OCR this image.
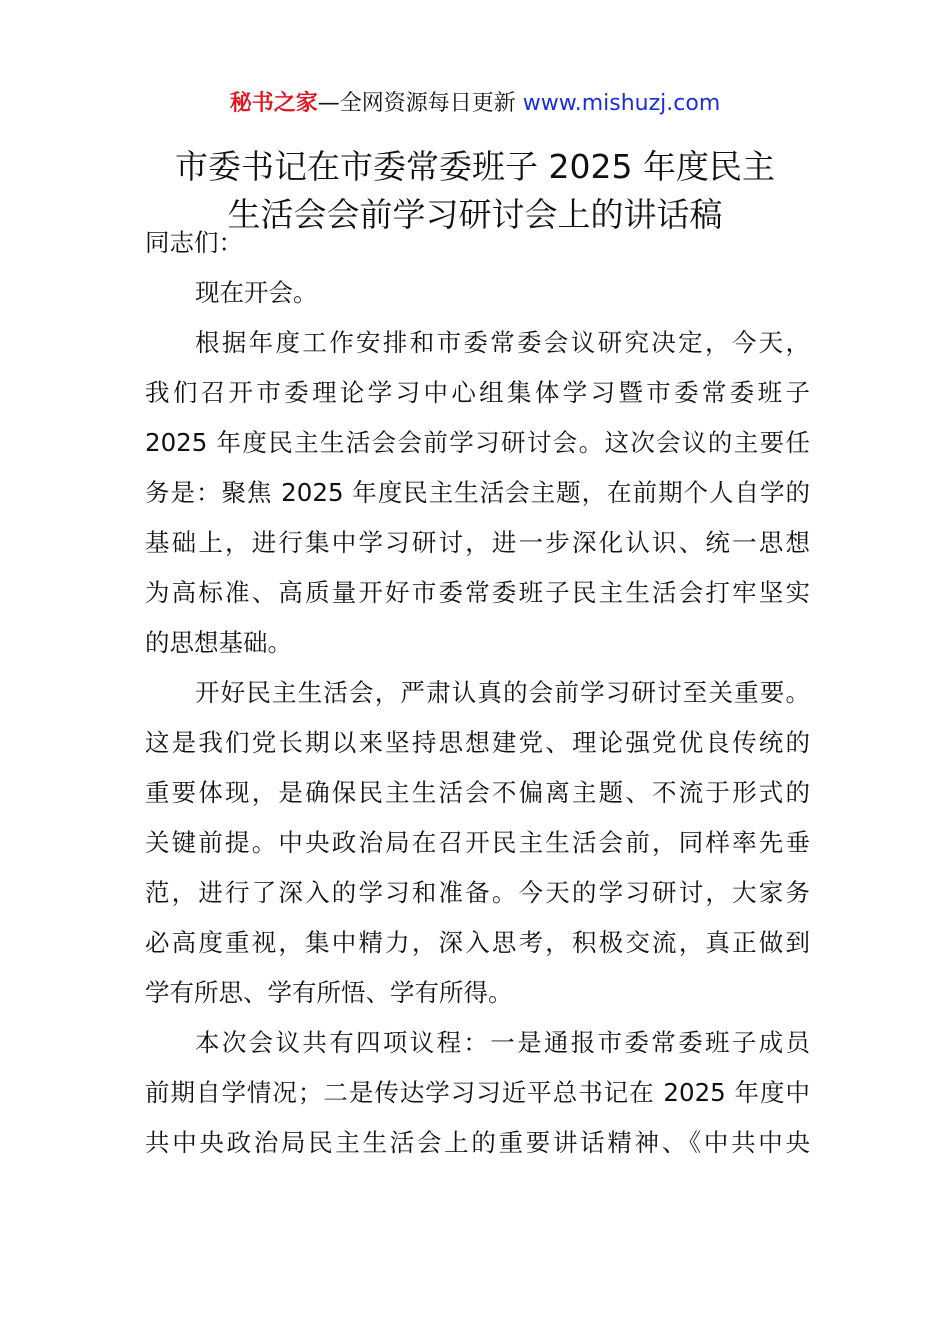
秘书之家—全网资源每日更新 www.mishuzj.com
市委书记在市委常委班子 2025 年度民主
生活会会前学习研讨会上的讲话稿
同志们：
现在开会。
根据年度工作安排和市委常委会议研究决定，今天，
我们召开市委理论学习中心组集体学习暨市委常委班子
2025 年度民主生活会会前学习研讨会。这次会议的主要任
务是：聚焦 2025 年度民主生活会主题，在前期个人自学的
基础上，进行集中学习研讨，进一步深化认识、统一思想
为高标准、高质量开好市委常委班子民主生活会打牢坚实
的思想基础。
开好民主生活会，严肃认真的会前学习研讨至关重要。
这是我们党长期以来坚持思想建党、理论强党优良传统的
重要体现，是确保民主生活会不偏离主题、不流于形式的
关键前提。中央政治局在召开民主生活会前，同样率先垂
范，进行了深入的学习和准备。今天的学习研讨，大家务
必高度重视，集中精力，深入思考，积极交流，真正做到
学有所思、学有所悟、学有所得。
本次会议共有四项议程：一是通报市委常委班子成员
前期自学情况；二是传达学习习近平总书记在 2025 年度中
共中央政治局民主生活会上的重要讲话精神、《中共中央
